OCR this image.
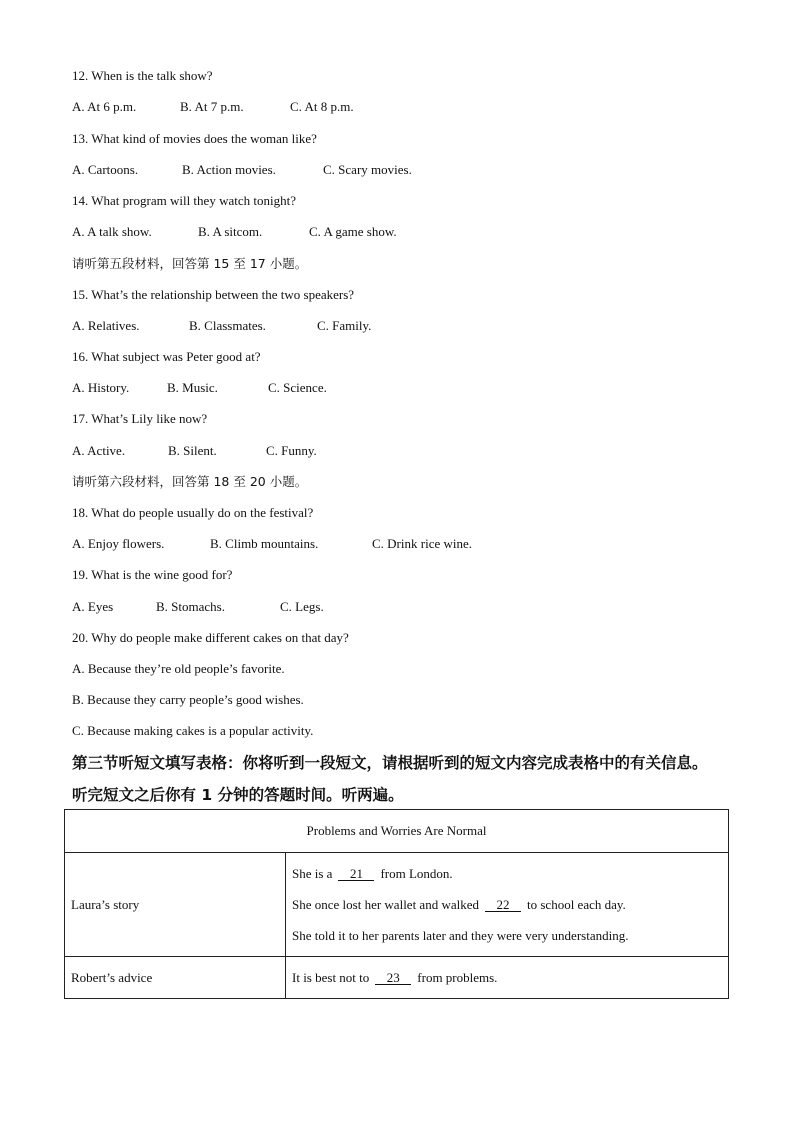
12. When is the talk show?
A. At 6 p.m.	B. At 7 p.m.	C. At 8 p.m.
13. What kind of movies does the woman like?
A. Cartoons.	B. Action movies.	C. Scary movies.
14. What program will they watch tonight?
A. A talk show.	B. A sitcom.	C. A game show.
请听第五段材料，回答第 15 至 17 小题。
15. What’s the relationship between the two speakers?
A. Relatives.	B. Classmates.	C. Family.
16. What subject was Peter good at?
A. History.	B. Music.	C. Science.
17. What’s Lily like now?
A. Active.	B. Silent.	C. Funny.
请听第六段材料，回答第 18 至 20 小题。
18. What do people usually do on the festival?
A. Enjoy flowers.	B. Climb mountains.	C. Drink rice wine.
19. What is the wine good for?
A. Eyes	B. Stomachs.	C. Legs.
20. Why do people make different cakes on that day?
A. Because they’re old people’s favorite.
B. Because they carry people’s good wishes.
C. Because making cakes is a popular activity.
第三节听短文填写表格：你将听到一段短文，请根据听到的短文内容完成表格中的有关信息。
听完短文之后你有 1 分钟的答题时间。听两遍。
Problems and Worries Are Normal	
Laura’s story	She is a 21 from London.

She once lost her wallet and walked 22 to school each day.

She told it to her parents later and they were very understanding.

Robert’s advice	It is best not to 23 from problems.
